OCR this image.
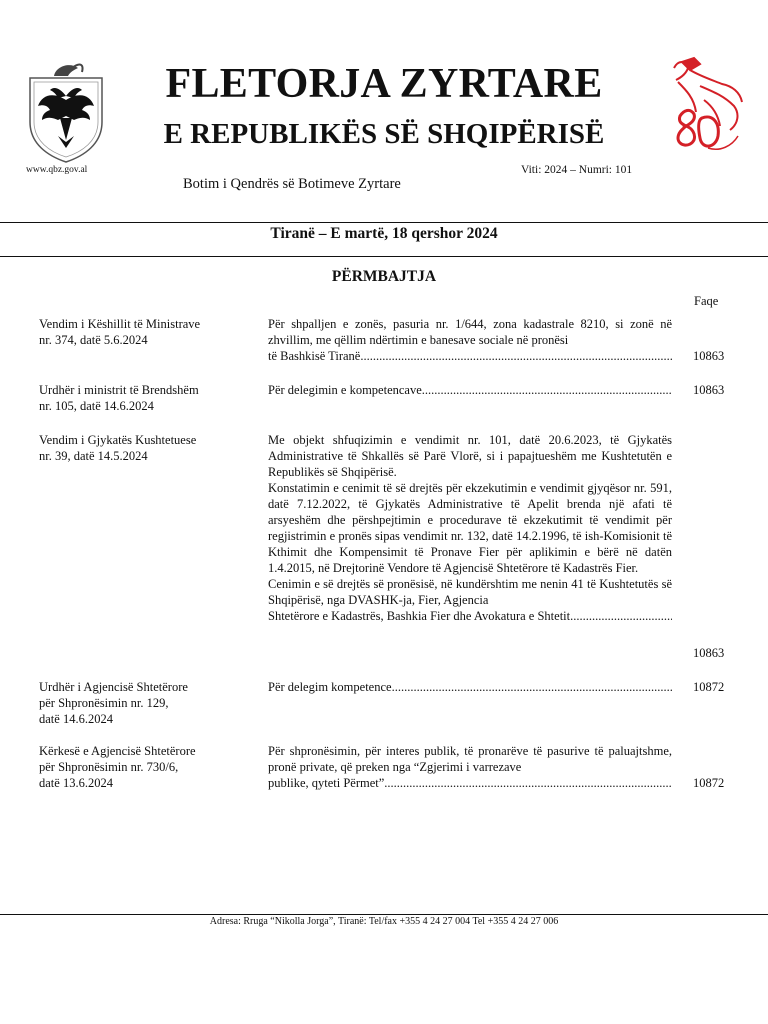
www.qbz.gov.al
FLETORJA ZYRTARE
E REPUBLIKËS SË SHQIPËRISË
Botim i Qendrës së Botimeve Zyrtare
Viti: 2024 – Numri: 101
Tiranë – E martë, 18 qershor 2024
PËRMBAJTJA
Faqe
Vendim i Këshillit të Ministrave
nr. 374, datë 5.6.2024

Për shpalljen e zonës, pasuria nr. 1/644, zona kadastrale 8210, si zonë në zhvillim, me qëllim ndërtimin e banesave sociale në pronësi

të Bashkisë Tiranë .....	10863
Urdhër i ministrit të Brendshëm
nr. 105, datë 14.6.2024
Për delegimin e kompetencave .....	10863
Vendim i Gjykatës Kushtetuese
nr. 39, datë 14.5.2024

Me objekt shfuqizimin e vendimit nr. 101, datë 20.6.2023, të Gjykatës Administrative të Shkallës së Parë Vlorë, si i papajtueshëm me Kushtetutën e Republikës së Shqipërisë.

Konstatimin e cenimit të së drejtës për ekzekutimin e vendimit gjyqësor nr. 591, datë 7.12.2022, të Gjykatës Administrative të Apelit brenda një afati të arsyeshëm dhe përshpejtimin e procedurave të ekzekutimit të vendimit për regjistrimin e pronës sipas vendimit nr. 132, datë 14.2.1996, të ish-Komisionit të Kthimit dhe Kompensimit të Pronave Fier për aplikimin e bërë në datën 1.4.2015, në Drejtorinë Vendore të Agjencisë Shtetërore të Kadastrës Fier.

Cenimin e së drejtës së pronësisë, në kundërshtim me nenin 41 të Kushtetutës së Shqipërisë, nga DVASHK-ja, Fier, Agjencia

Shtetërore e Kadastrës, Bashkia Fier dhe Avokatura e Shtetit
.....
10863
Urdhër i Agjencisë Shtetërore
për Shpronësimin nr. 129,
datë 14.6.2024
Për delegim kompetence .....	10872
Kërkesë e Agjencisë Shtetërore
për Shpronësimin nr. 730/6,
datë 13.6.2024

Për shpronësimin, për interes publik, të pronarëve të pasurive të paluajtshme, pronë private, që preken nga “Zgjerimi i varrezave

publike, qyteti Përmet” .....	10872
Adresa: Rruga “Nikolla Jorga”, Tiranë: Tel/fax +355 4 24 27 004 Tel +355 4 24 27 006
